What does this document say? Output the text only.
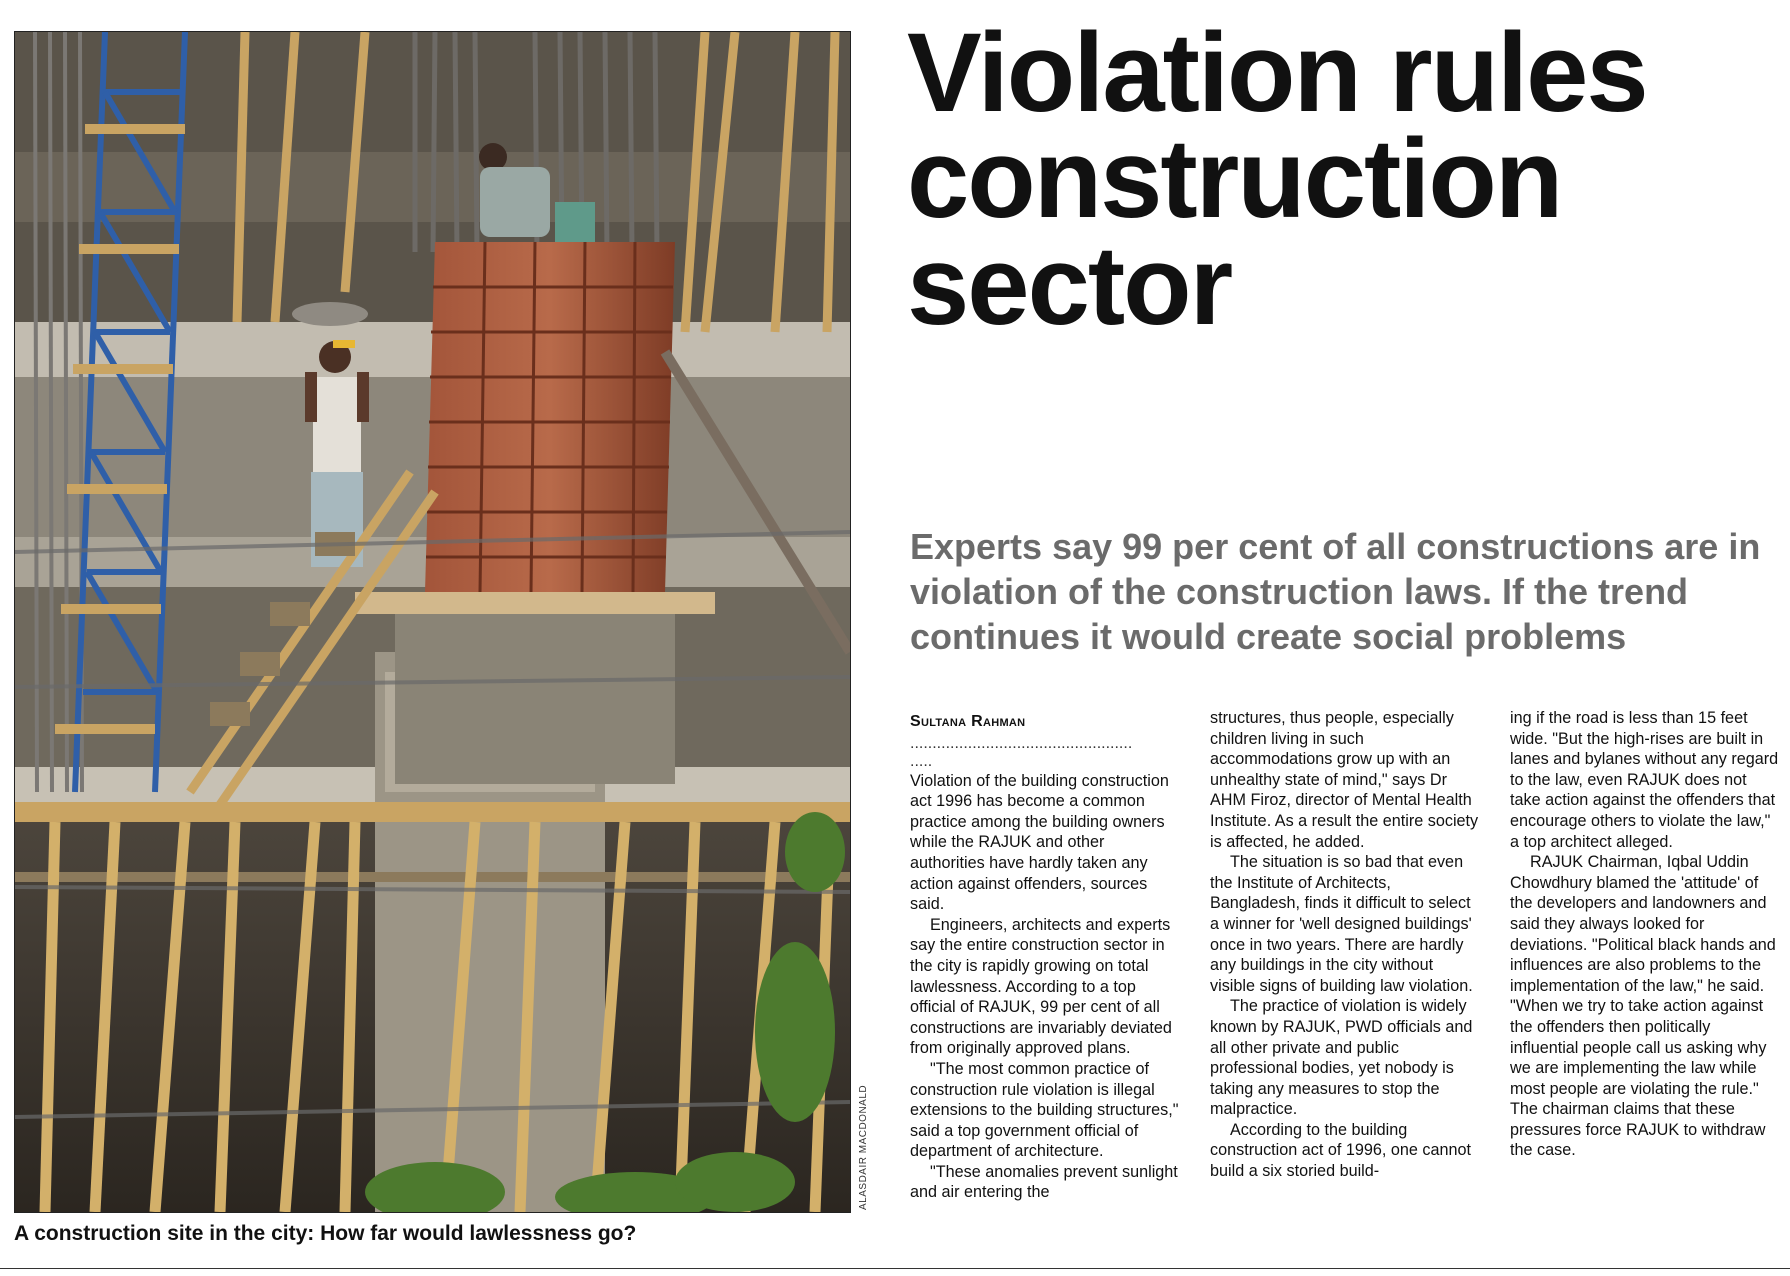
ALASDAIR MACDONALD
A construction site in the city: How far would lawlessness go?
Violation rules construction sector

Experts say 99 per cent of all constructions are in violation of the construction laws. If the trend continues it would create social problems

Sultana Rahman
..................................................
.....

Violation of the building construction act 1996 has become a common practice among the building owners while the RAJUK and other authorities have hardly taken any action against offenders, sources said.

Engineers, architects and experts say the entire construction sector in the city is rapidly growing on total lawlessness. According to a top official of RAJUK, 99 per cent of all constructions are invariably deviated from originally approved plans.

"The most common practice of construction rule violation is illegal extensions to the building structures," said a top government official of department of architecture.

"These anomalies prevent sunlight and air entering the

structures, thus people, especially children living in such accommodations grow up with an unhealthy state of mind," says Dr AHM Firoz, director of Mental Health Institute. As a result the entire society is affected, he added.

The situation is so bad that even the Institute of Architects, Bangladesh, finds it difficult to select a winner for 'well designed buildings' once in two years. There are hardly any buildings in the city without visible signs of building law violation.

The practice of violation is widely known by RAJUK, PWD officials and all other private and public professional bodies, yet nobody is taking any measures to stop the malpractice.

According to the building construction act of 1996, one cannot build a six storied build-

ing if the road is less than 15 feet wide. "But the high-rises are built in lanes and bylanes without any regard to the law, even RAJUK does not take action against the offenders that encourage others to violate the law," a top architect alleged.

RAJUK Chairman, Iqbal Uddin Chowdhury blamed the 'attitude' of the developers and landowners and said they always looked for deviations. "Political black hands and influences are also problems to the implementation of the law," he said. "When we try to take action against the offenders then politically influential people call us asking why we are implementing the law while most people are violating the rule." The chairman claims that these pressures force RAJUK to withdraw the case.
